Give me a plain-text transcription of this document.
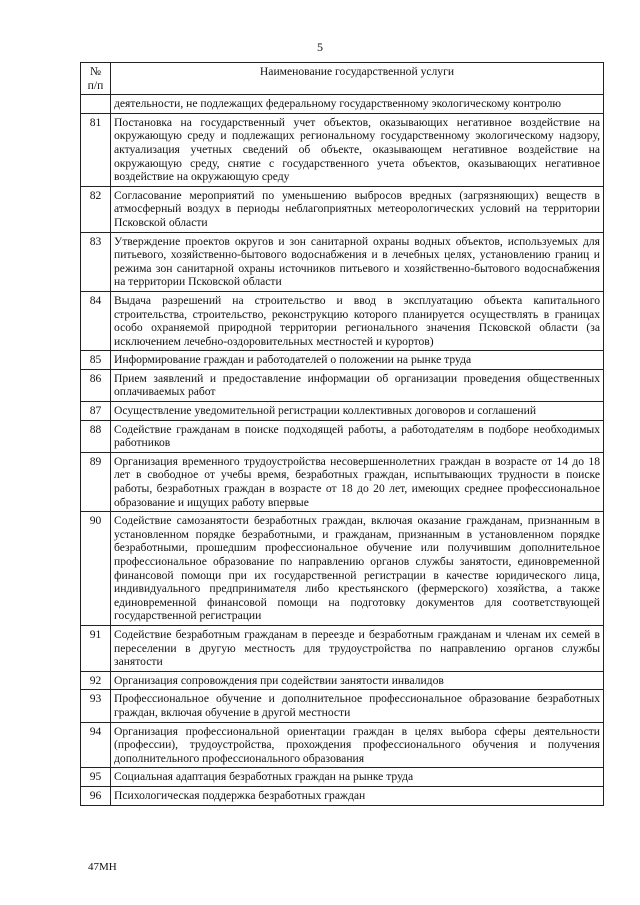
5
№ п/п	Наименование государственной услуги
	деятельности, не подлежащих федеральному государственному экологическому контролю
81	Постановка на государственный учет объектов, оказывающих негативное воздействие на окружающую среду и подлежащих региональному государственному экологическому надзору, актуализация учетных сведений об объекте, оказывающем негативное воздействие на окружающую среду, снятие с государственного учета объектов, оказывающих негативное воздействие на окружающую среду
82	Согласование мероприятий по уменьшению выбросов вредных (загрязняющих) веществ в атмосферный воздух в периоды неблагоприятных метеорологических условий на территории Псковской области
83	Утверждение проектов округов и зон санитарной охраны водных объектов, используемых для питьевого, хозяйственно-бытового водоснабжения и в лечебных целях, установлению границ и режима зон санитарной охраны источников питьевого и хозяйственно-бытового водоснабжения на территории Псковской области
84	Выдача разрешений на строительство и ввод в эксплуатацию объекта капитального строительства, строительство, реконструкцию которого планируется осуществлять в границах особо охраняемой природной территории регионального значения Псковской области (за исключением лечебно-оздоровительных местностей и курортов)
85	Информирование граждан и работодателей о положении на рынке труда
86	Прием заявлений и предоставление информации об организации проведения общественных оплачиваемых работ
87	Осуществление уведомительной регистрации коллективных договоров и соглашений
88	Содействие гражданам в поиске подходящей работы, а работодателям в подборе необходимых работников
89	Организация временного трудоустройства несовершеннолетних граждан в возрасте от 14 до 18 лет в свободное от учебы время, безработных граждан, испытывающих трудности в поиске работы, безработных граждан в возрасте от 18 до 20 лет, имеющих среднее профессиональное образование и ищущих работу впервые
90	Содействие самозанятости безработных граждан, включая оказание гражданам, признанным в установленном порядке безработными, и гражданам, признанным в установленном порядке безработными, прошедшим профессиональное обучение или получившим дополнительное профессиональное образование по направлению органов службы занятости, единовременной финансовой помощи при их государственной регистрации в качестве юридического лица, индивидуального предпринимателя либо крестьянского (фермерского) хозяйства, а также единовременной финансовой помощи на подготовку документов для соответствующей государственной регистрации
91	Содействие безработным гражданам в переезде и безработным гражданам и членам их семей в переселении в другую местность для трудоустройства по направлению органов службы занятости
92	Организация сопровождения при содействии занятости инвалидов
93	Профессиональное обучение и дополнительное профессиональное образование безработных граждан, включая обучение в другой местности
94	Организация профессиональной ориентации граждан в целях выбора сферы деятельности (профессии), трудоустройства, прохождения профессионального обучения и получения дополнительного профессионального образования
95	Социальная адаптация безработных граждан на рынке труда
96	Психологическая поддержка безработных граждан
47МН
